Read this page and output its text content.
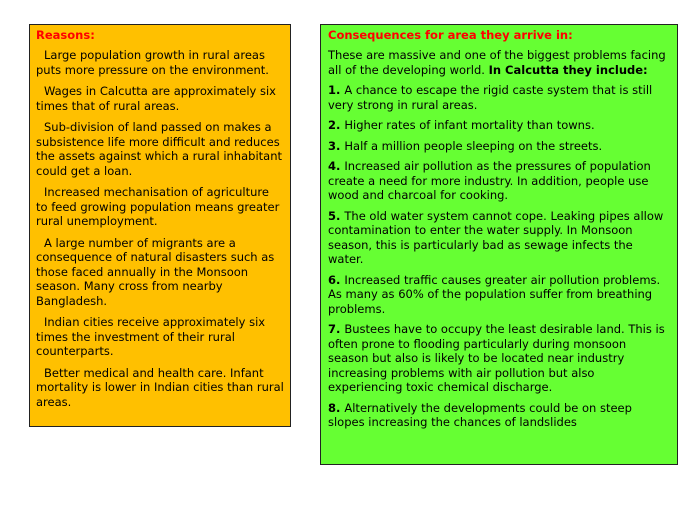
Reasons:

Large population growth in rural areas puts more pressure on the environment.

Wages in Calcutta are approximately six times that of rural areas.

Sub-division of land passed on makes a subsistence life more difficult and reduces the assets against which a rural inhabitant could get a loan.

Increased mechanisation of agriculture to feed growing population means greater rural unemployment.

A large number of migrants are a consequence of natural disasters such as those faced annually in the Monsoon season. Many cross from nearby Bangladesh.

Indian cities receive approximately six times the investment of their rural counterparts.

Better medical and health care. Infant mortality is lower in Indian cities than rural areas.

Consequences for area they arrive in:

These are massive and one of the biggest problems facing all of the developing world. In Calcutta they include:

1. A chance to escape the rigid caste system that is still very strong in rural areas.

2. Higher rates of infant mortality than towns.

3. Half a million people sleeping on the streets.

4. Increased air pollution as the pressures of population create a need for more industry. In addition, people use wood and charcoal for cooking.

5. The old water system cannot cope. Leaking pipes allow contamination to enter the water supply. In Monsoon season, this is particularly bad as sewage infects the water.

6. Increased traffic causes greater air pollution problems. As many as 60% of the population suffer from breathing problems.

7. Bustees have to occupy the least desirable land. This is often prone to flooding particularly during monsoon season but also is likely to be located near industry increasing problems with air pollution but also experiencing toxic chemical discharge.

8. Alternatively the developments could be on steep slopes increasing the chances of landslides
